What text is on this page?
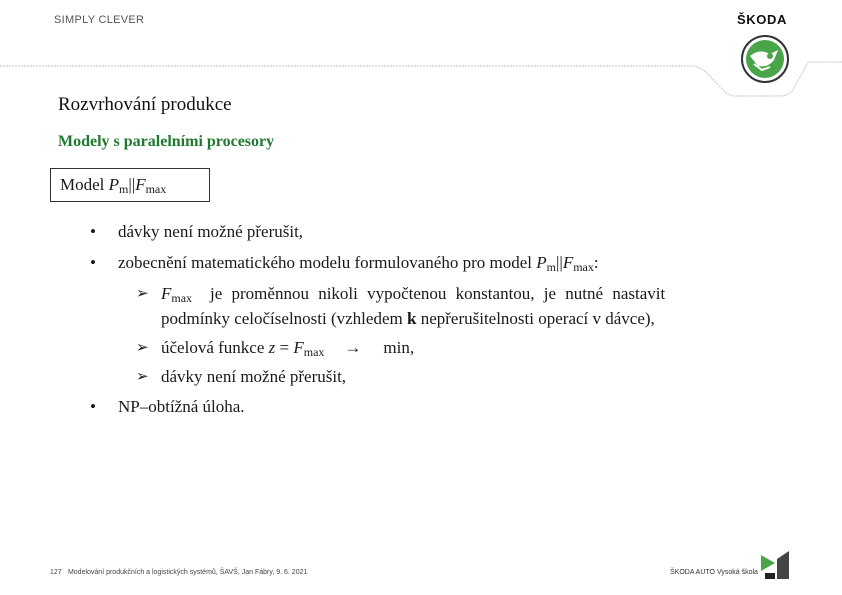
SIMPLY CLEVER	ŠKODA
Rozvrhování produkce
Modely s paralelními procesory
Model $P_m||F_{max}$
• dávky není možné přerušit,
• zobecnění matematického modelu formulovaného pro model $P_m||F_{max}$:
➢ $F_{max}$ je proměnnou nikoli vypočtenou konstantou, je nutné nastavit
podmínky celočíselnosti (vzhledem k nepřerušitelnosti operací v dávce),
➢ účelová funkce $z = F_{max} \to \min$,
➢ dávky není možné přerušit,
• NP–obtížná úloha.
127 Modelování produkčních a logistických systémů, ŠAVŠ, Jan Fábry, 9. 6. 2021	ŠKODA AUTO Vysoká škola
